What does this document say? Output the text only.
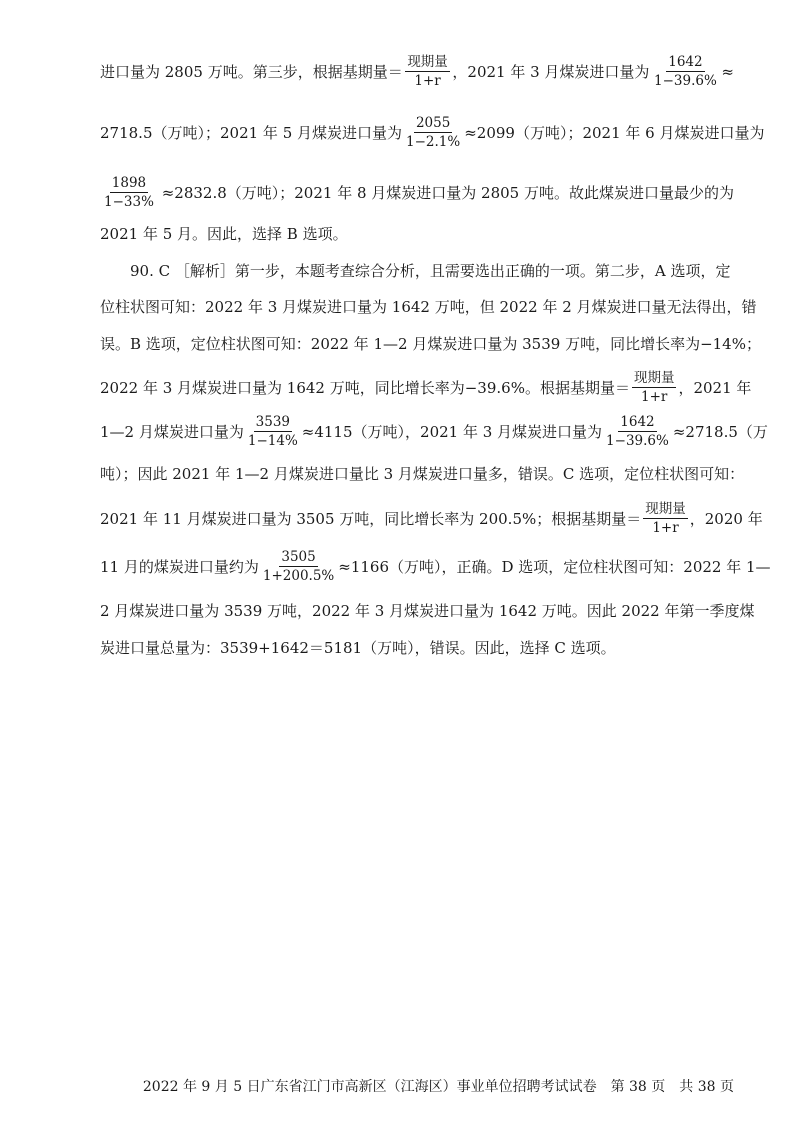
进口量为 2805 万吨。第三步，根据基期量＝ $\frac{\text{现期量}}{1+r}$ ，2021 年 3 月煤炭进口量为 $\frac{1642}{1-39.6\%}$ ≈
2718.5（万吨）；2021 年 5 月煤炭进口量为 $\frac{2055}{1-2.1\%} \approx 2099$（万吨）；2021 年 6 月煤炭进口量为
$\frac{1898}{1-33\%} \approx 2832.8$（万吨）；2021 年 8 月煤炭进口量为 2805 万吨。故此煤炭进口量最少的为
2021 年 5 月。因此，选择 B 选项。
90. C ［解析］第一步，本题考查综合分析，且需要选出正确的一项。第二步，A 选项，定
位柱状图可知：2022 年 3 月煤炭进口量为 1642 万吨，但 2022 年 2 月煤炭进口量无法得出，错
误。B 选项，定位柱状图可知：2022 年 1—2 月煤炭进口量为 3539 万吨，同比增长率为−14%；
2022 年 3 月煤炭进口量为 1642 万吨，同比增长率为−39.6%。根据基期量＝ $\frac{\text{现期量}}{1+r}$ ，2021 年
1—2 月煤炭进口量为 $\frac{3539}{1-14\%} \approx 4115$（万吨），2021 年 3 月煤炭进口量为 $\frac{1642}{1-39.6\%} \approx 2718.5$（万
吨）；因此 2021 年 1—2 月煤炭进口量比 3 月煤炭进口量多，错误。C 选项，定位柱状图可知：
2021 年 11 月煤炭进口量为 3505 万吨，同比增长率为 200.5%；根据基期量＝ $\frac{\text{现期量}}{1+r}$ ，2020 年
11 月的煤炭进口量约为 $\frac{3505}{1+200.5\%} \approx 1166$（万吨），正确。D 选项，定位柱状图可知：2022 年 1—
2 月煤炭进口量为 3539 万吨，2022 年 3 月煤炭进口量为 1642 万吨。因此 2022 年第一季度煤
炭进口量总量为：3539+1642＝5181（万吨），错误。因此，选择 C 选项。
2022 年 9 月 5 日广东省江门市高新区（江海区）事业单位招聘考试试卷　第 38 页　共 38 页
